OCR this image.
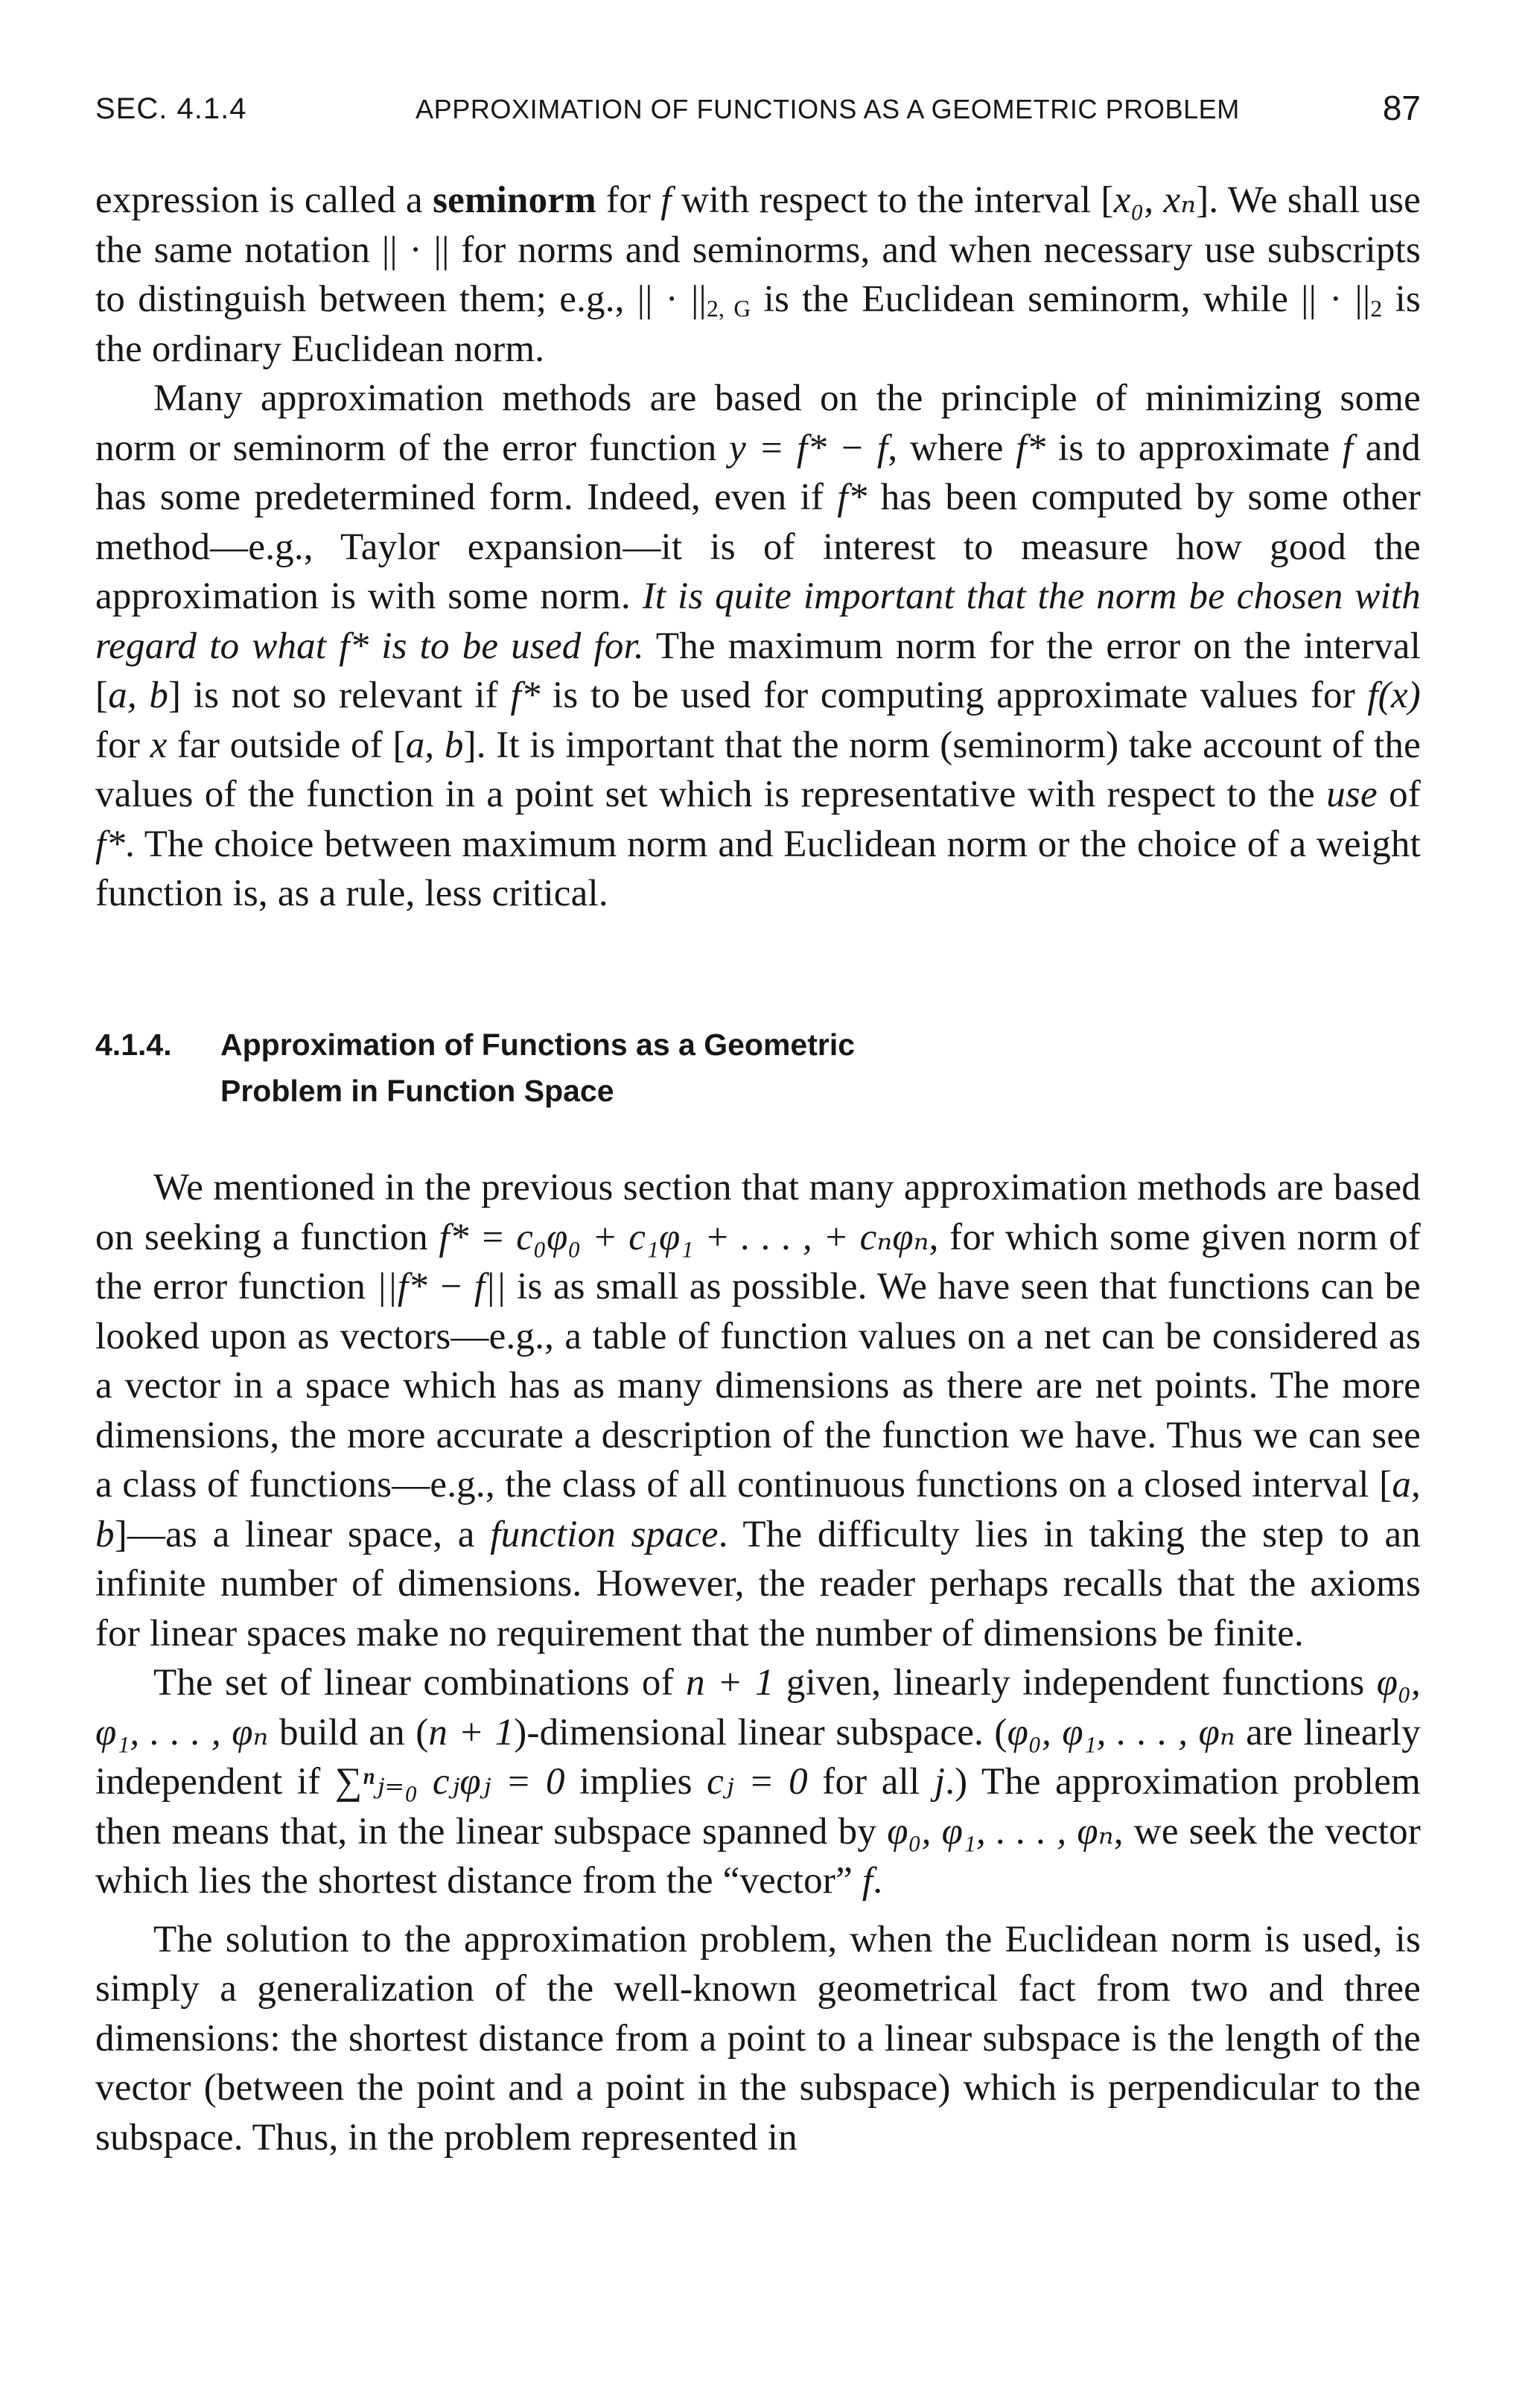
SEC. 4.1.4	APPROXIMATION OF FUNCTIONS AS A GEOMETRIC PROBLEM	87

expression is called a seminorm for f with respect to the interval [x₀, xₙ]. We shall use the same notation || · || for norms and seminorms, and when necessary use subscripts to distinguish between them; e.g., || · $||_{2, G}$ is the Euclidean seminorm, while || · $||_2$ is the ordinary Euclidean norm.

Many approximation methods are based on the principle of minimizing some norm or seminorm of the error function y = f* − f, where f* is to approximate f and has some predetermined form. Indeed, even if f* has been computed by some other method—e.g., Taylor expansion—it is of interest to measure how good the approximation is with some norm. It is quite important that the norm be chosen with regard to what f* is to be used for. The maximum norm for the error on the interval [a, b] is not so relevant if f* is to be used for computing approximate values for f(x) for x far outside of [a, b]. It is important that the norm (seminorm) take account of the values of the function in a point set which is representative with respect to the use of f*. The choice between maximum norm and Euclidean norm or the choice of a weight function is, as a rule, less critical.

4.1.4. Approximation of Functions as a Geometric
Problem in Function Space

We mentioned in the previous section that many approximation methods are based on seeking a function f* = c₀φ₀ + c₁φ₁ + . . . , + cₙφₙ, for which some given norm of the error function ||f* − f|| is as small as possible. We have seen that functions can be looked upon as vectors—e.g., a table of function values on a net can be considered as a vector in a space which has as many dimensions as there are net points. The more dimensions, the more accurate a description of the function we have. Thus we can see a class of functions—e.g., the class of all continuous functions on a closed interval [a, b]—as a linear space, a function space. The difficulty lies in taking the step to an infinite number of dimensions. However, the reader perhaps recalls that the axioms for linear spaces make no requirement that the number of dimensions be finite.

The set of linear combinations of n + 1 given, linearly independent functions φ₀, φ₁, . . . , φₙ build an (n + 1)-dimensional linear subspace. (φ₀, φ₁, . . . , φₙ are linearly independent if ∑ⁿⱼ₌₀ cⱼφⱼ = 0 implies cⱼ = 0 for all j.) The approximation problem then means that, in the linear subspace spanned by φ₀, φ₁, . . . , φₙ, we seek the vector which lies the shortest distance from the “vector” f.

The solution to the approximation problem, when the Euclidean norm is used, is simply a generalization of the well-known geometrical fact from two and three dimensions: the shortest distance from a point to a linear subspace is the length of the vector (between the point and a point in the subspace) which is perpendicular to the subspace. Thus, in the problem represented in
